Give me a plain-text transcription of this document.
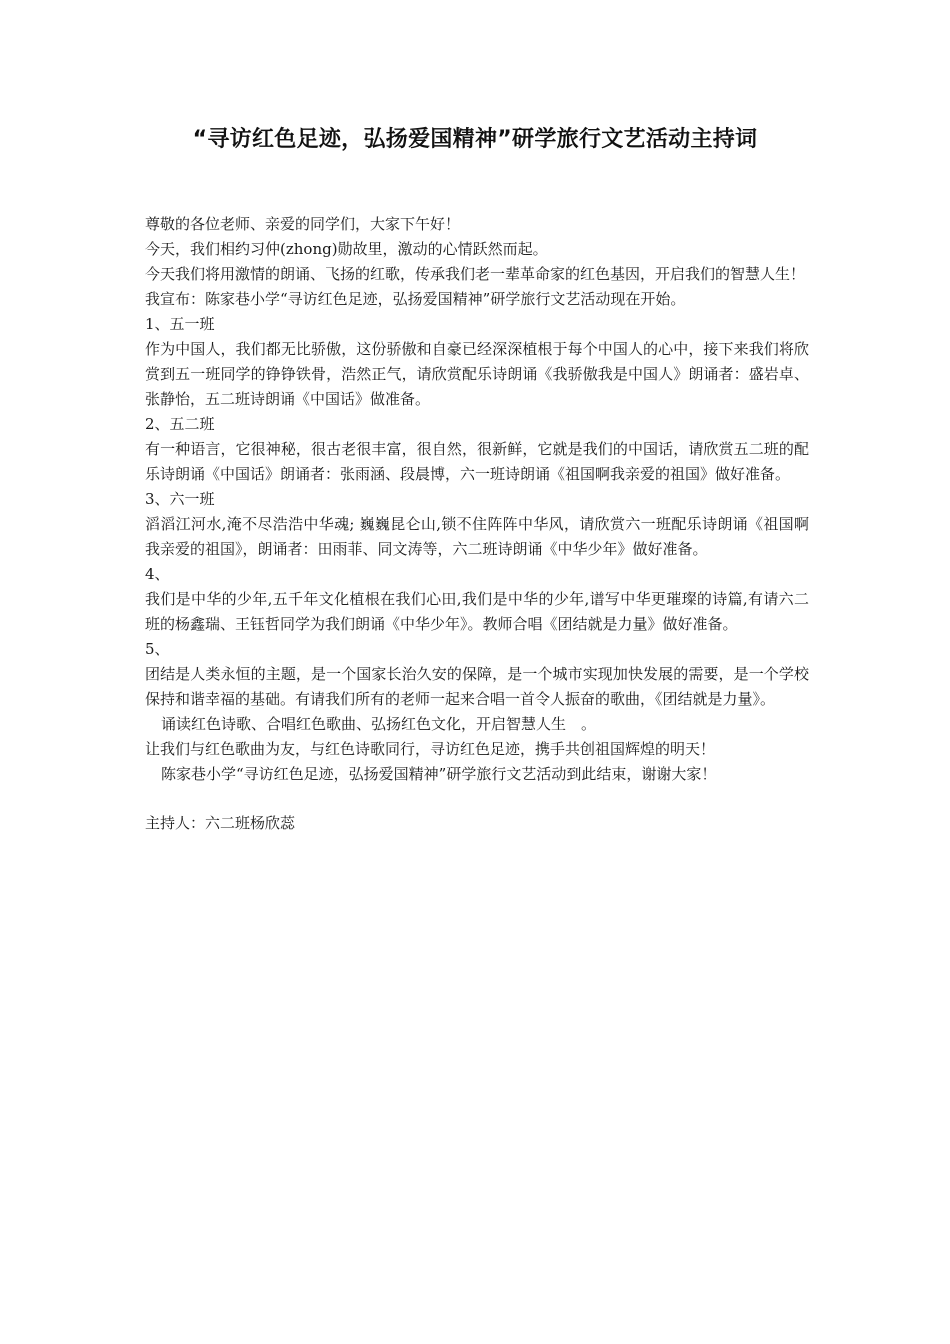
“寻访红色足迹，弘扬爱国精神”研学旅行文艺活动主持词

尊敬的各位老师、亲爱的同学们，大家下午好！

今天，我们相约习仲(zhong)勋故里，激动的心情跃然而起。

今天我们将用激情的朗诵、飞扬的红歌，传承我们老一辈革命家的红色基因，开启我们的智慧人生！

我宣布：陈家巷小学“寻访红色足迹，弘扬爱国精神”研学旅行文艺活动现在开始。

1、五一班

作为中国人，我们都无比骄傲，这份骄傲和自豪已经深深植根于每个中国人的心中，接下来我们将欣赏到五一班同学的铮铮铁骨，浩然正气，请欣赏配乐诗朗诵《我骄傲我是中国人》朗诵者：盛岩卓、张静怡，五二班诗朗诵《中国话》做准备。

2、五二班

有一种语言，它很神秘，很古老很丰富，很自然，很新鲜，它就是我们的中国话，请欣赏五二班的配乐诗朗诵《中国话》朗诵者：张雨涵、段晨博，六一班诗朗诵《祖国啊我亲爱的祖国》做好准备。

3、六一班

滔滔江河水,淹不尽浩浩中华魂; 巍巍昆仑山,锁不住阵阵中华风，请欣赏六一班配乐诗朗诵《祖国啊我亲爱的祖国》，朗诵者：田雨菲、同文涛等，六二班诗朗诵《中华少年》做好准备。

4、

我们是中华的少年,五千年文化植根在我们心田,我们是中华的少年,谱写中华更璀璨的诗篇,有请六二班的杨鑫瑞、王钰哲同学为我们朗诵《中华少年》。教师合唱《团结就是力量》做好准备。

5、

团结是人类永恒的主题，是一个国家长治久安的保障，是一个城市实现加快发展的需要，是一个学校保持和谐幸福的基础。有请我们所有的老师一起来合唱一首令人振奋的歌曲，《团结就是力量》。

诵读红色诗歌、合唱红色歌曲、弘扬红色文化，开启智慧人生　。

让我们与红色歌曲为友，与红色诗歌同行，寻访红色足迹，携手共创祖国辉煌的明天！

陈家巷小学“寻访红色足迹，弘扬爱国精神”研学旅行文艺活动到此结束，谢谢大家！

主持人：六二班杨欣蕊
